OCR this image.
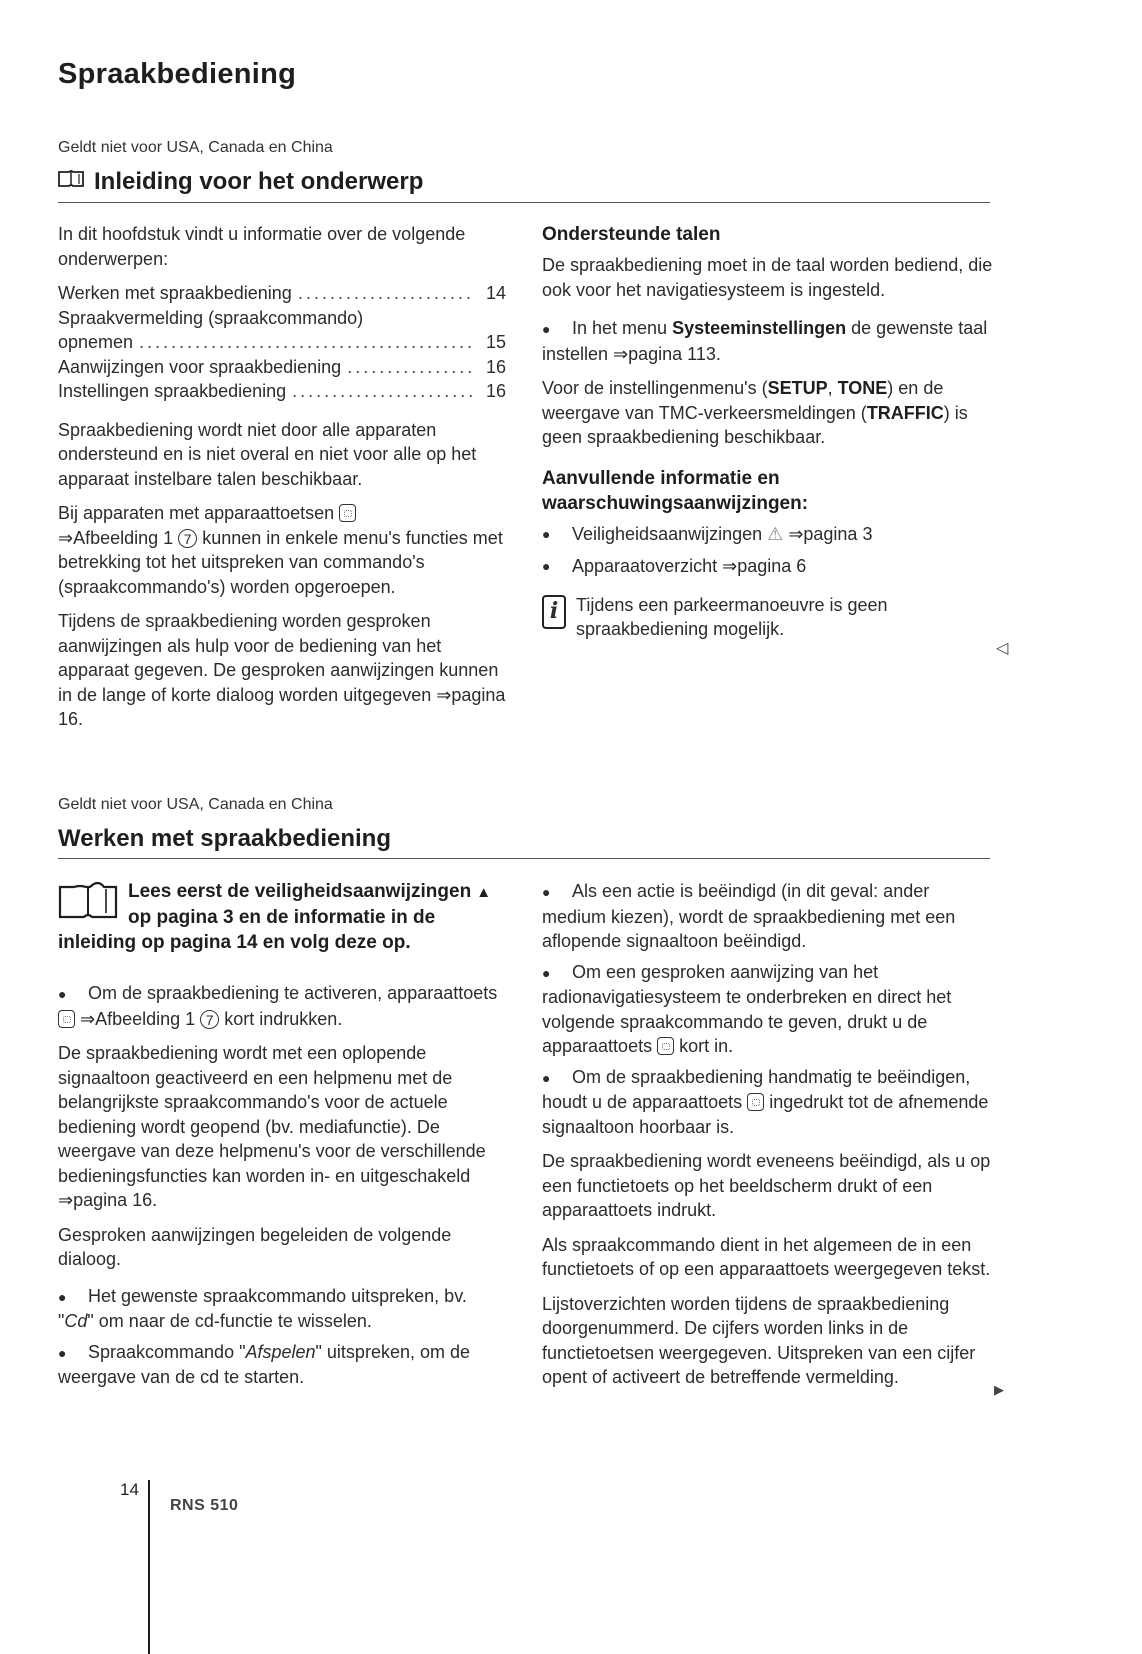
Spraakbediening
Geldt niet voor USA, Canada en China
Inleiding voor het onderwerp

In dit hoofdstuk vindt u informatie over de volgende onderwerpen:

Werken met spraakbediening .....	14
Spraakvermelding (spraakcommando)
opnemen .....	15
Aanwijzingen voor spraakbediening .....	16
Instellingen spraakbediening .....	16

Spraakbediening wordt niet door alle apparaten ondersteund en is niet overal en niet voor alle op het apparaat instelbare talen beschikbaar.

Bij apparaten met apparaattoetsen
⇒Afbeelding 1 7 kunnen in enkele menu's functies met betrekking tot het uitspreken van commando's (spraakcommando's) worden opgeroepen.

Tijdens de spraakbediening worden gesproken aanwijzingen als hulp voor de bediening van het apparaat gegeven. De gesproken aanwijzingen kunnen in de lange of korte dialoog worden uitgegeven ⇒pagina 16.

Ondersteunde talen

De spraakbediening moet in de taal worden bediend, die ook voor het navigatiesysteem is ingesteld.

● In het menu Systeeminstellingen de gewenste taal instellen ⇒pagina 113.

Voor de instellingenmenu's (SETUP, TONE) en de weergave van TMC-verkeersmeldingen (TRAFFIC) is geen spraakbediening beschikbaar.

Aanvullende informatie en waarschuwingsaanwijzingen:
●	Veiligheidsaanwijzingen ⚠ ⇒pagina 3
●	Apparaatoverzicht ⇒pagina 6
i Tijdens een parkeermanoeuvre is geen spraakbediening mogelijk.
◁
Geldt niet voor USA, Canada en China
Werken met spraakbediening
Lees eerst de veiligheidsaanwijzingen ▲ op pagina 3 en de informatie in de inleiding op pagina 14 en volg deze op.

● Om de spraakbediening te activeren, apparaattoets  ⇒Afbeelding 1 7 kort indrukken.

De spraakbediening wordt met een oplopende signaaltoon geactiveerd en een helpmenu met de belangrijkste spraakcommando's voor de actuele bediening wordt geopend (bv. mediafunctie). De weergave van deze helpmenu's voor de verschillende bedieningsfuncties kan worden in- en uitgeschakeld ⇒pagina 16.

Gesproken aanwijzingen begeleiden de volgende dialoog.

● Het gewenste spraakcommando uitspreken, bv. "Cd" om naar de cd-functie te wisselen.

● Spraakcommando "Afspelen" uitspreken, om de weergave van de cd te starten.

● Als een actie is beëindigd (in dit geval: ander medium kiezen), wordt de spraakbediening met een aflopende signaaltoon beëindigd.

● Om een gesproken aanwijzing van het radionavigatiesysteem te onderbreken en direct het volgende spraakcommando te geven, drukt u de apparaattoets kort in.

● Om de spraakbediening handmatig te beëindigen, houdt u de apparaattoets ingedrukt tot de afnemende signaaltoon hoorbaar is.

De spraakbediening wordt eveneens beëindigd, als u op een functietoets op het beeldscherm drukt of een apparaattoets indrukt.

Als spraakcommando dient in het algemeen de in een functietoets of op een apparaattoets weergegeven tekst.

Lijstoverzichten worden tijdens de spraakbediening doorgenummerd. De cijfers worden links in de functietoetsen weergegeven. Uitspreken van een cijfer opent of activeert de betreffende vermelding.

▶
14
RNS 510
